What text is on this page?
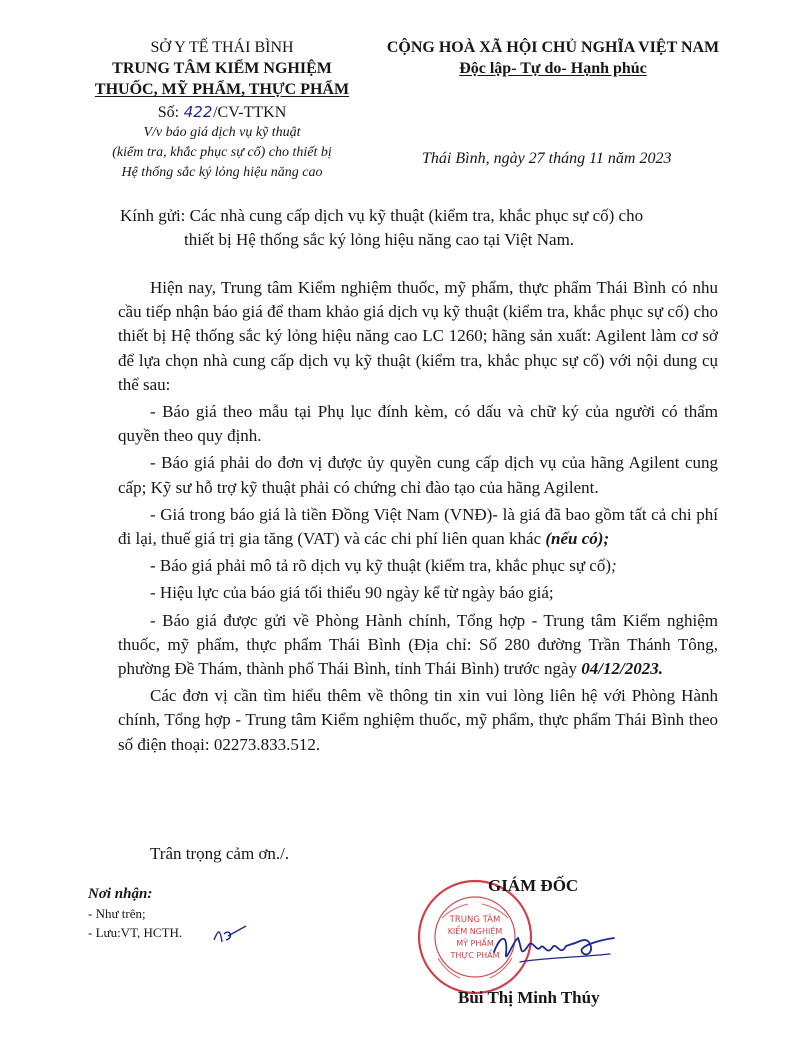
SỞ Y TẾ THÁI BÌNH
TRUNG TÂM KIỂM NGHIỆM
THUỐC, MỸ PHẨM, THỰC PHẨM
Số: 422/CV-TTKN
V/v báo giá dịch vụ kỹ thuật
(kiểm tra, khắc phục sự cố) cho thiết bị
Hệ thống sắc ký lỏng hiệu năng cao
CỘNG HOÀ XÃ HỘI CHỦ NGHĨA VIỆT NAM
Độc lập- Tự do- Hạnh phúc
Thái Bình, ngày 27 tháng 11 năm 2023
Kính gửi: Các nhà cung cấp dịch vụ kỹ thuật (kiểm tra, khắc phục sự cố) cho
thiết bị Hệ thống sắc ký lỏng hiệu năng cao tại Việt Nam.

Hiện nay, Trung tâm Kiểm nghiệm thuốc, mỹ phẩm, thực phẩm Thái Bình có nhu cầu tiếp nhận báo giá để tham khảo giá dịch vụ kỹ thuật (kiểm tra, khắc phục sự cố) cho thiết bị Hệ thống sắc ký lỏng hiệu năng cao LC 1260; hãng sản xuất: Agilent làm cơ sở để lựa chọn nhà cung cấp dịch vụ kỹ thuật (kiểm tra, khắc phục sự cố) với nội dung cụ thể sau:

- Báo giá theo mẫu tại Phụ lục đính kèm, có dấu và chữ ký của người có thẩm quyền theo quy định.

- Báo giá phải do đơn vị được ủy quyền cung cấp dịch vụ của hãng Agilent cung cấp; Kỹ sư hỗ trợ kỹ thuật phải có chứng chỉ đào tạo của hãng Agilent.

- Giá trong báo giá là tiền Đồng Việt Nam (VNĐ)- là giá đã bao gồm tất cả chi phí đi lại, thuế giá trị gia tăng (VAT) và các chi phí liên quan khác (nếu có);

- Báo giá phải mô tả rõ dịch vụ kỹ thuật (kiểm tra, khắc phục sự cố);

- Hiệu lực của báo giá tối thiểu 90 ngày kể từ ngày báo giá;

- Báo giá được gửi về Phòng Hành chính, Tổng hợp - Trung tâm Kiểm nghiệm thuốc, mỹ phẩm, thực phẩm Thái Bình (Địa chỉ: Số 280 đường Trần Thánh Tông, phường Đề Thám, thành phố Thái Bình, tỉnh Thái Bình) trước ngày 04/12/2023.

Các đơn vị cần tìm hiểu thêm về thông tin xin vui lòng liên hệ với Phòng Hành chính, Tổng hợp - Trung tâm Kiểm nghiệm thuốc, mỹ phẩm, thực phẩm Thái Bình theo số điện thoại: 02273.833.512.

Trân trọng cảm ơn./.
Nơi nhận:
- Như trên;
- Lưu:VT, HCTH.
TRUNG TÂM
KIỂM NGHIỆM
MỸ PHẨM
THỰC PHẨM
GIÁM ĐỐC
Bùi Thị Minh Thúy
